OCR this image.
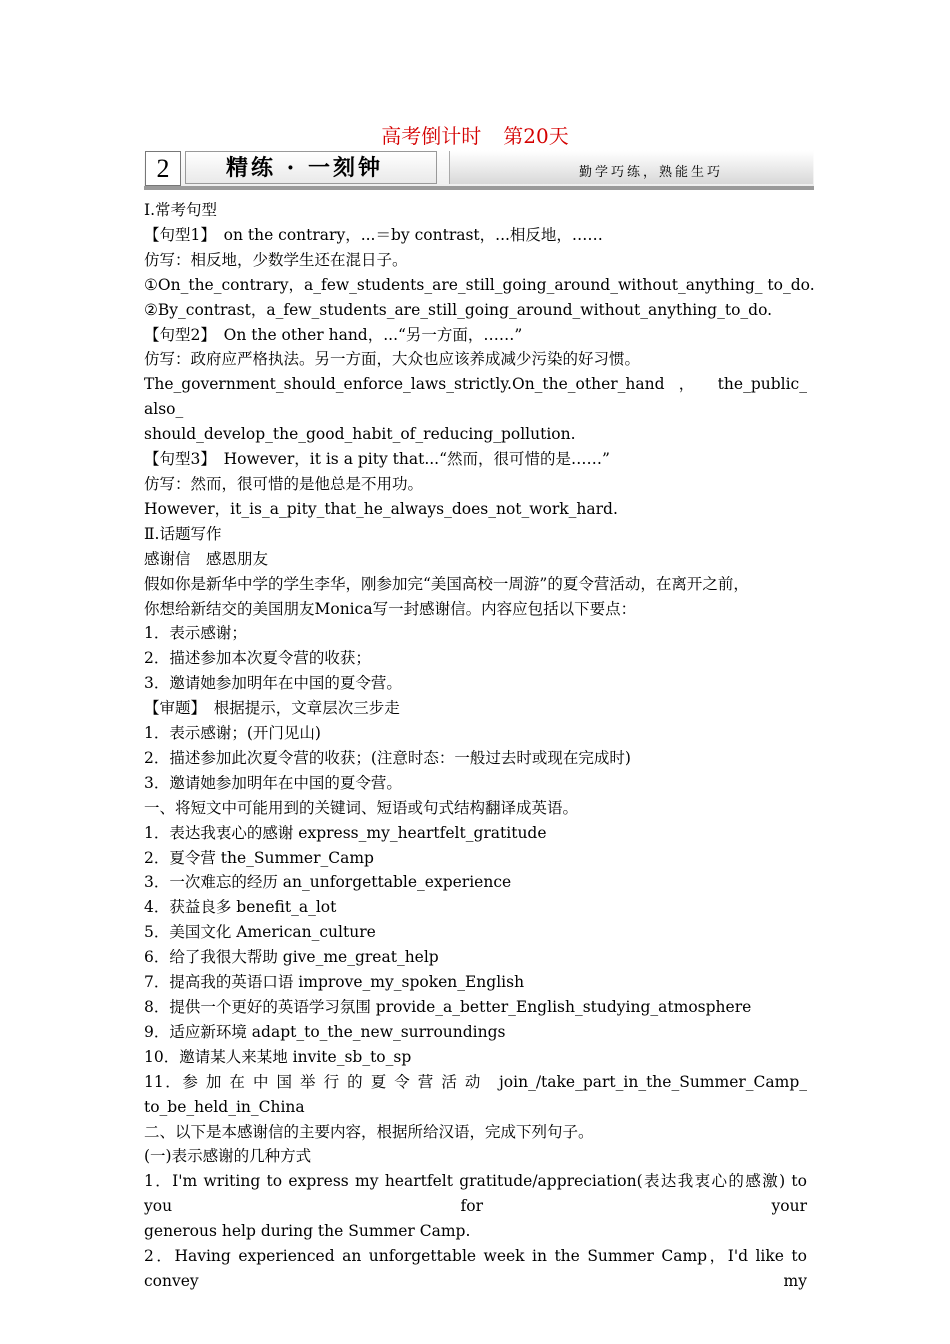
高考倒计时 第20天
2	精练 · 一刻钟	勤学巧练，熟能生巧

Ⅰ.常考句型

【句型1】　on the contrary，...＝by contrast，...相反地，……

仿写：相反地，少数学生还在混日子。

①On_the_contrary，a_few_students_are_still_going_around_without_anything_ to_do.

②By_contrast，a_few_students_are_still_going_around_without_anything_to_do.

【句型2】　On the other hand，...“另一方面，……”

仿写：政府应严格执法。另一方面，大众也应该养成减少污染的好习惯。

The_government_should_enforce_laws_strictly.On_the_other_hand ， the_public_ also_

should_develop_the_good_habit_of_reducing_pollution.

【句型3】　However，it is a pity that...“然而，很可惜的是……”

仿写：然而，很可惜的是他总是不用功。

However，it_is_a_pity_that_he_always_does_not_work_hard.

Ⅱ.话题写作

感谢信　感恩朋友

假如你是新华中学的学生李华，刚参加完“美国高校一周游”的夏令营活动，在离开之前，

你想给新结交的美国朋友Monica写一封感谢信。内容应包括以下要点：

1．表示感谢；

2．描述参加本次夏令营的收获；

3．邀请她参加明年在中国的夏令营。

【审题】　根据提示，文章层次三步走

1．表示感谢；(开门见山)

2．描述参加此次夏令营的收获；(注意时态：一般过去时或现在完成时)

3．邀请她参加明年在中国的夏令营。

一、将短文中可能用到的关键词、短语或句式结构翻译成英语。

1．表达我衷心的感谢 express_my_heartfelt_gratitude

2．夏令营 the_Summer_Camp

3．一次难忘的经历 an_unforgettable_experience

4．获益良多 benefit_a_lot

5．美国文化 American_culture

6．给了我很大帮助 give_me_great_help

7．提高我的英语口语 improve_my_spoken_English

8．提供一个更好的英语学习氛围 provide_a_better_English_studying_atmosphere

9．适应新环境 adapt_to_the_new_surroundings

10．邀请某人来某地 invite_sb_to_sp

11．参 加 在 中 国 举 行 的 夏 令 营 活 动　join_/take_part_in_the_Summer_Camp_

to_be_held_in_China

二、以下是本感谢信的主要内容，根据所给汉语，完成下列句子。

(一)表示感谢的几种方式

1．I'm writing to express my heartfelt gratitude/appreciation(表达我衷心的感激) to you for your

generous help during the Summer Camp.

2．Having experienced an unforgettable week in the Summer Camp，I'd like to convey my
